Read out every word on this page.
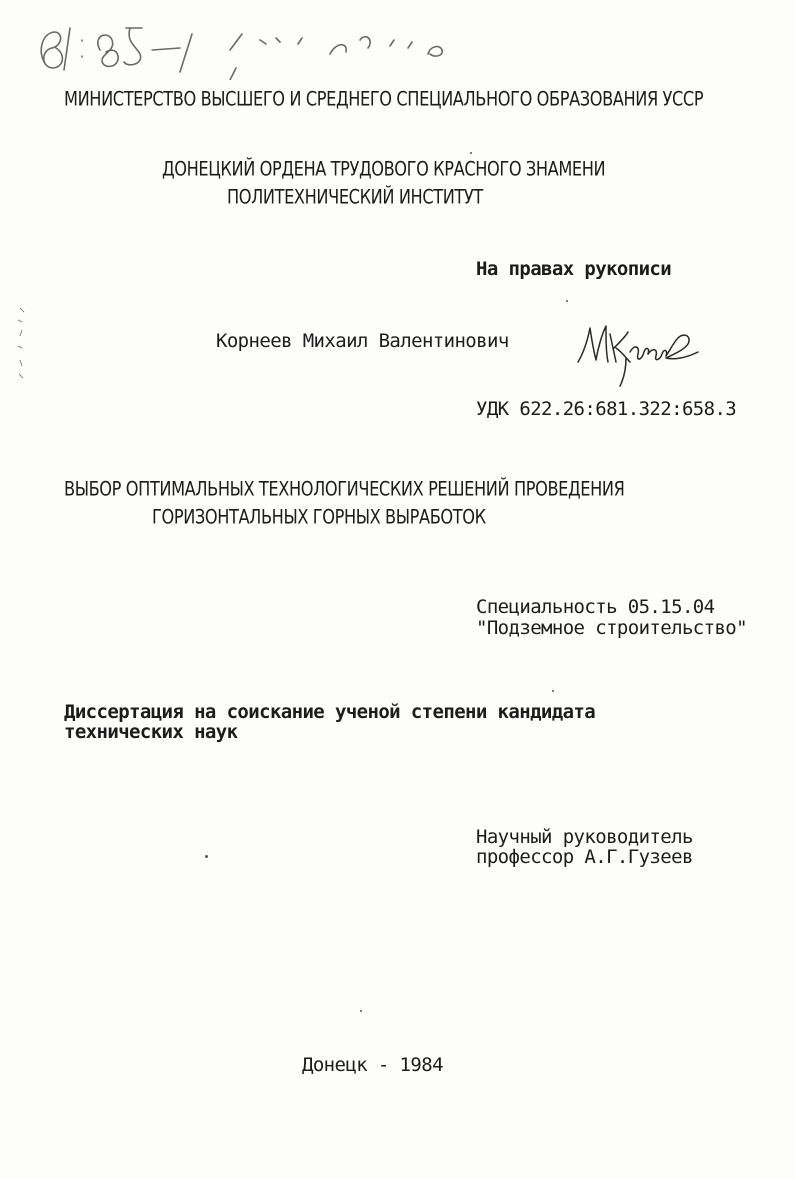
81:85-5/
МИНИСТЕРСТВО ВЫСШЕГО И СРЕДНЕГО СПЕЦИАЛЬНОГО ОБРАЗОВАНИЯ УССР
ДОНЕЦКИЙ ОРДЕНА ТРУДОВОГО КРАСНОГО ЗНАМЕНИ
ПОЛИТЕХНИЧЕСКИЙ ИНСТИТУТ
На правах рукописи
Корнеев Михаил Валентинович
УДК 622.26:681.322:658.3
ВЫБОР ОПТИМАЛЬНЫХ ТЕХНОЛОГИЧЕСКИХ РЕШЕНИЙ ПРОВЕДЕНИЯ
ГОРИЗОНТАЛЬНЫХ ГОРНЫХ ВЫРАБОТОК
Специальность 05.15.04
"Подземное строительство"
Диссертация на соискание ученой степени кандидата
технических наук
Научный руководитель
профессор А.Г.Гузеев
Донецк - 1984
